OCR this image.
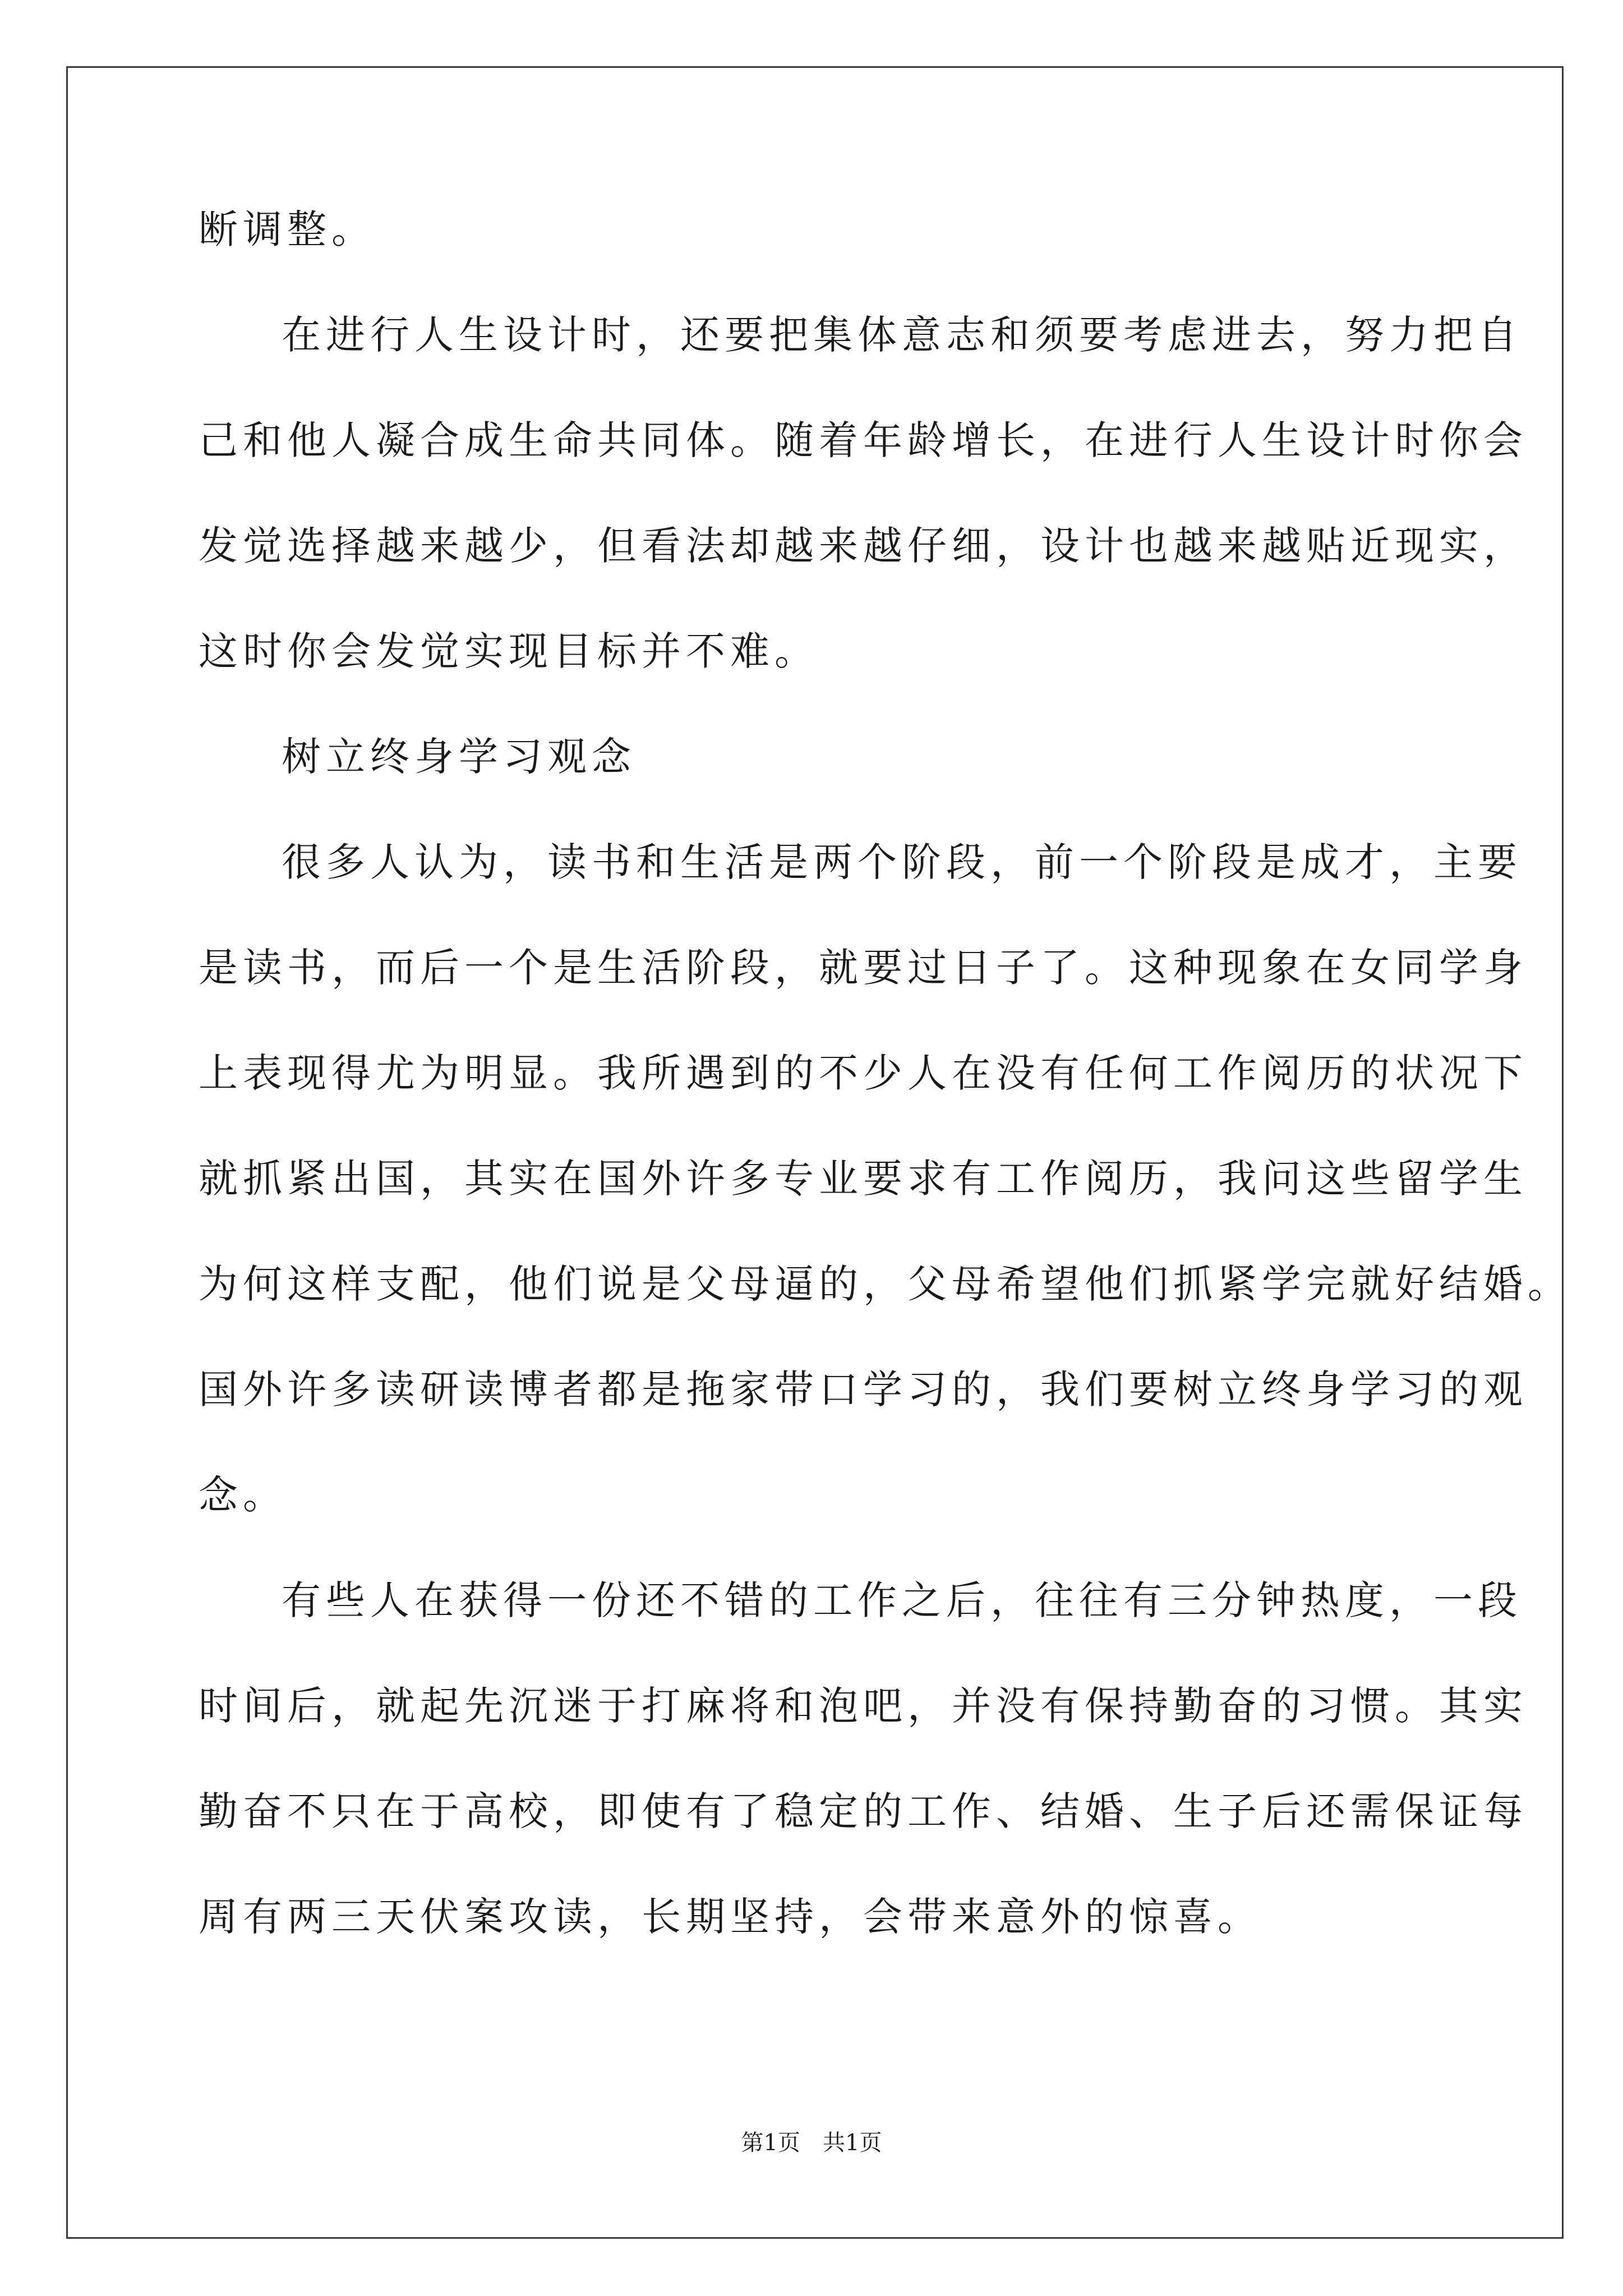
断调整。
在进行人生设计时，还要把集体意志和须要考虑进去，努力把自
己和他人凝合成生命共同体。随着年龄增长，在进行人生设计时你会
发觉选择越来越少，但看法却越来越仔细，设计也越来越贴近现实，
这时你会发觉实现目标并不难。
树立终身学习观念
很多人认为，读书和生活是两个阶段，前一个阶段是成才，主要
是读书，而后一个是生活阶段，就要过日子了。这种现象在女同学身
上表现得尤为明显。我所遇到的不少人在没有任何工作阅历的状况下
就抓紧出国，其实在国外许多专业要求有工作阅历，我问这些留学生
为何这样支配，他们说是父母逼的，父母希望他们抓紧学完就好结婚。
国外许多读研读博者都是拖家带口学习的，我们要树立终身学习的观
念。
有些人在获得一份还不错的工作之后，往往有三分钟热度，一段
时间后，就起先沉迷于打麻将和泡吧，并没有保持勤奋的习惯。其实
勤奋不只在于高校，即使有了稳定的工作、结婚、生子后还需保证每
周有两三天伏案攻读，长期坚持，会带来意外的惊喜。
第1页　共1页
